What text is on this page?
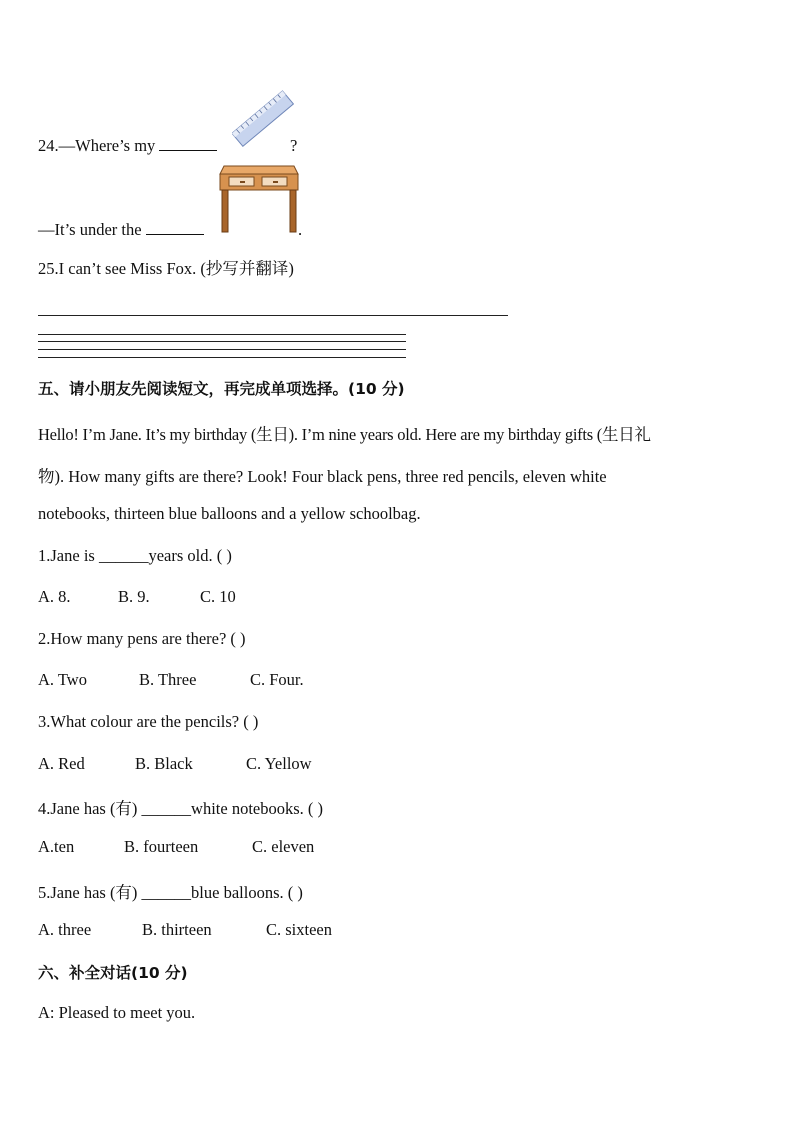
24.—Where’s my	?
—It’s under the	.
25.I can’t see Miss Fox. (抄写并翻译)
五、请小朋友先阅读短文，再完成单项选择。(10 分)
Hello! I’m Jane. It’s my birthday (生日). I’m nine years old. Here are my birthday gifts (生日礼
物). How many gifts are there? Look! Four black pens, three red pencils, eleven white
notebooks, thirteen blue balloons and a yellow schoolbag.
1.Jane is ______years old. ( )
A. 8.	B. 9.	C. 10
2.How many pens are there? ( )
A. Two	B. Three	C. Four.
3.What colour are the pencils? ( )
A. Red	B. Black	C. Yellow
4.Jane has (有) ______white notebooks. ( )
A.ten	B. fourteen	C. eleven
5.Jane has (有) ______blue balloons. ( )
A. three	B. thirteen	C. sixteen
六、补全对话(10 分)
A: Pleased to meet you.
